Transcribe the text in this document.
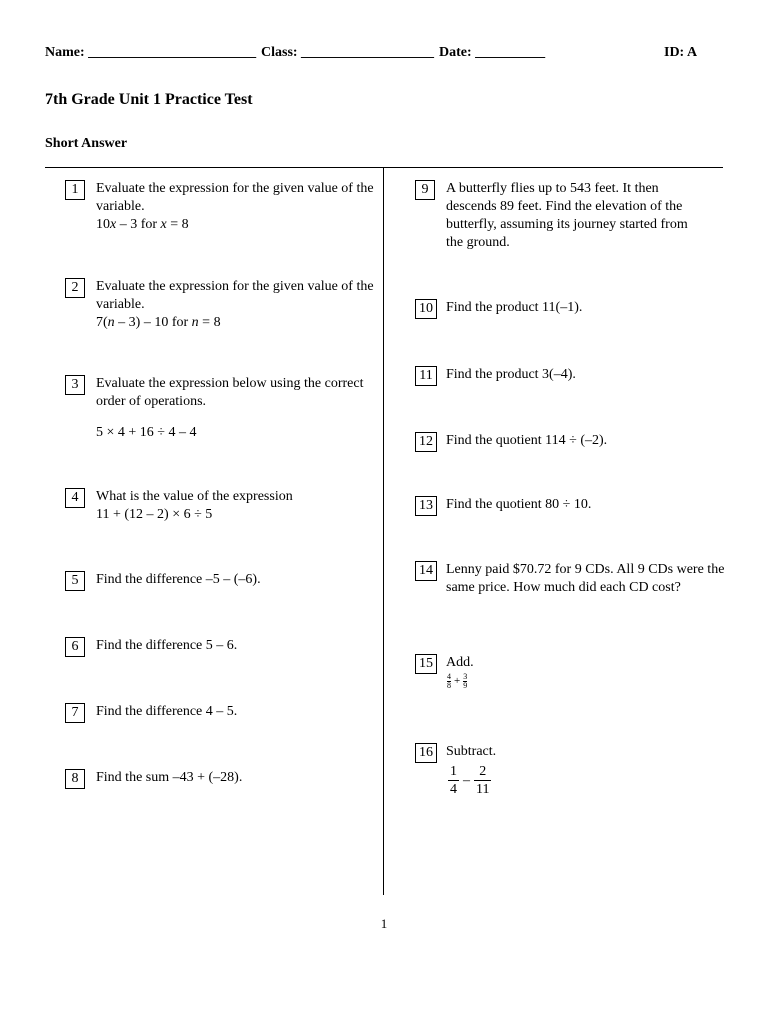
Name: ________________________ Class: ___________________ Date: __________	ID: A
7th Grade Unit 1 Practice Test
Short Answer
1	Evaluate the expression for the given value of the
variable.
10x – 3 for x = 8
2	Evaluate the expression for the given value of the
variable.
7(n – 3) – 10 for n = 8
3	Evaluate the expression below using the correct
order of operations.
5 × 4 + 16 ÷ 4 – 4
4	What is the value of the expression
11 + (12 – 2) × 6 ÷ 5
5	Find the difference –5 – (–6).
6	Find the difference 5 – 6.
7	Find the difference 4 – 5.
8	Find the sum –43 + (–28).
9	A butterfly flies up to 543 feet. It then
descends 89 feet. Find the elevation of the
butterfly, assuming its journey started from
the ground.
10 Find the product 11(–1).
11 Find the product 3(–4).
12 Find the quotient 114 ÷ (–2).
13 Find the quotient 80 ÷ 10.
14 Lenny paid $70.72 for 9 CDs. All 9 CDs were the
same price. How much did each CD cost?
15 Add.
$\frac{4}{8} + \frac{3}{9}$
16 Subtract.
$\frac{1}{4} - \frac{2}{11}$
1
